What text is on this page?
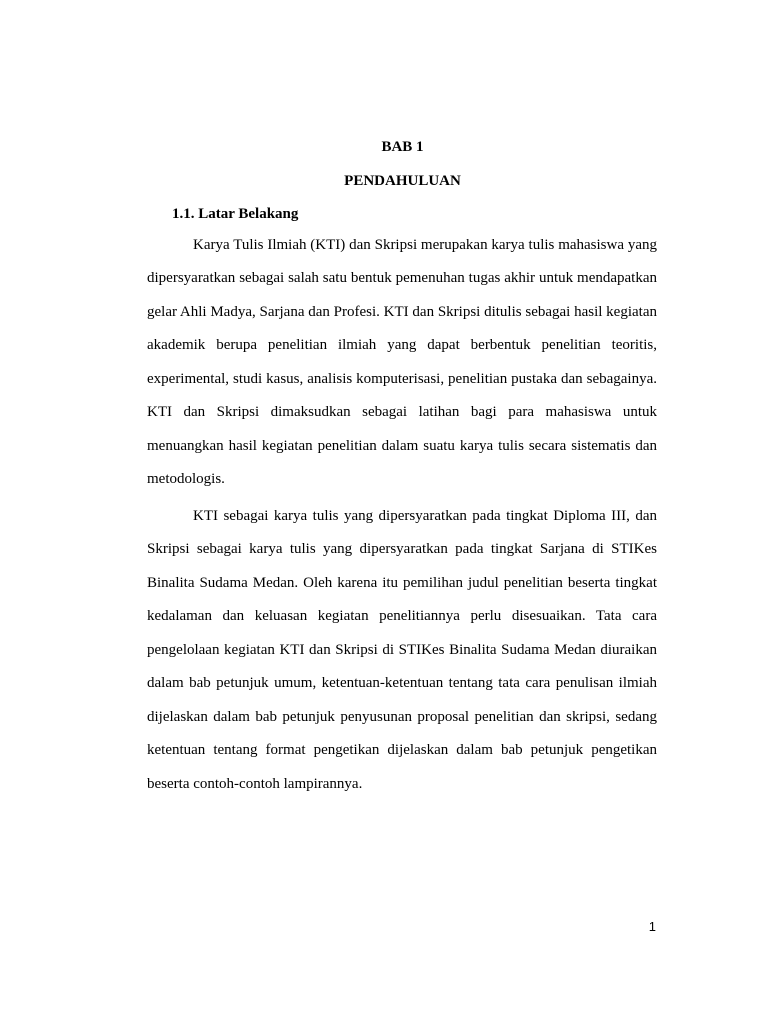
BAB 1
PENDAHULUAN
1.1. Latar Belakang

Karya Tulis Ilmiah (KTI) dan Skripsi merupakan karya tulis mahasiswa yang dipersyaratkan sebagai salah satu bentuk pemenuhan tugas akhir untuk mendapatkan gelar Ahli Madya, Sarjana dan Profesi. KTI dan Skripsi ditulis sebagai hasil kegiatan akademik berupa penelitian ilmiah yang dapat berbentuk penelitian teoritis, experimental, studi kasus, analisis komputerisasi, penelitian pustaka dan sebagainya. KTI dan Skripsi dimaksudkan sebagai latihan bagi para mahasiswa untuk menuangkan hasil kegiatan penelitian dalam suatu karya tulis secara sistematis dan metodologis.

KTI sebagai karya tulis yang dipersyaratkan pada tingkat Diploma III, dan Skripsi sebagai karya tulis yang dipersyaratkan pada tingkat Sarjana di STIKes Binalita Sudama Medan. Oleh karena itu pemilihan judul penelitian beserta tingkat kedalaman dan keluasan kegiatan penelitiannya perlu disesuaikan. Tata cara pengelolaan kegiatan KTI dan Skripsi di STIKes Binalita Sudama Medan diuraikan dalam bab petunjuk umum, ketentuan-ketentuan tentang tata cara penulisan ilmiah dijelaskan dalam bab petunjuk penyusunan proposal penelitian dan skripsi, sedang ketentuan tentang format pengetikan dijelaskan dalam bab petunjuk pengetikan beserta contoh-contoh lampirannya.

1
